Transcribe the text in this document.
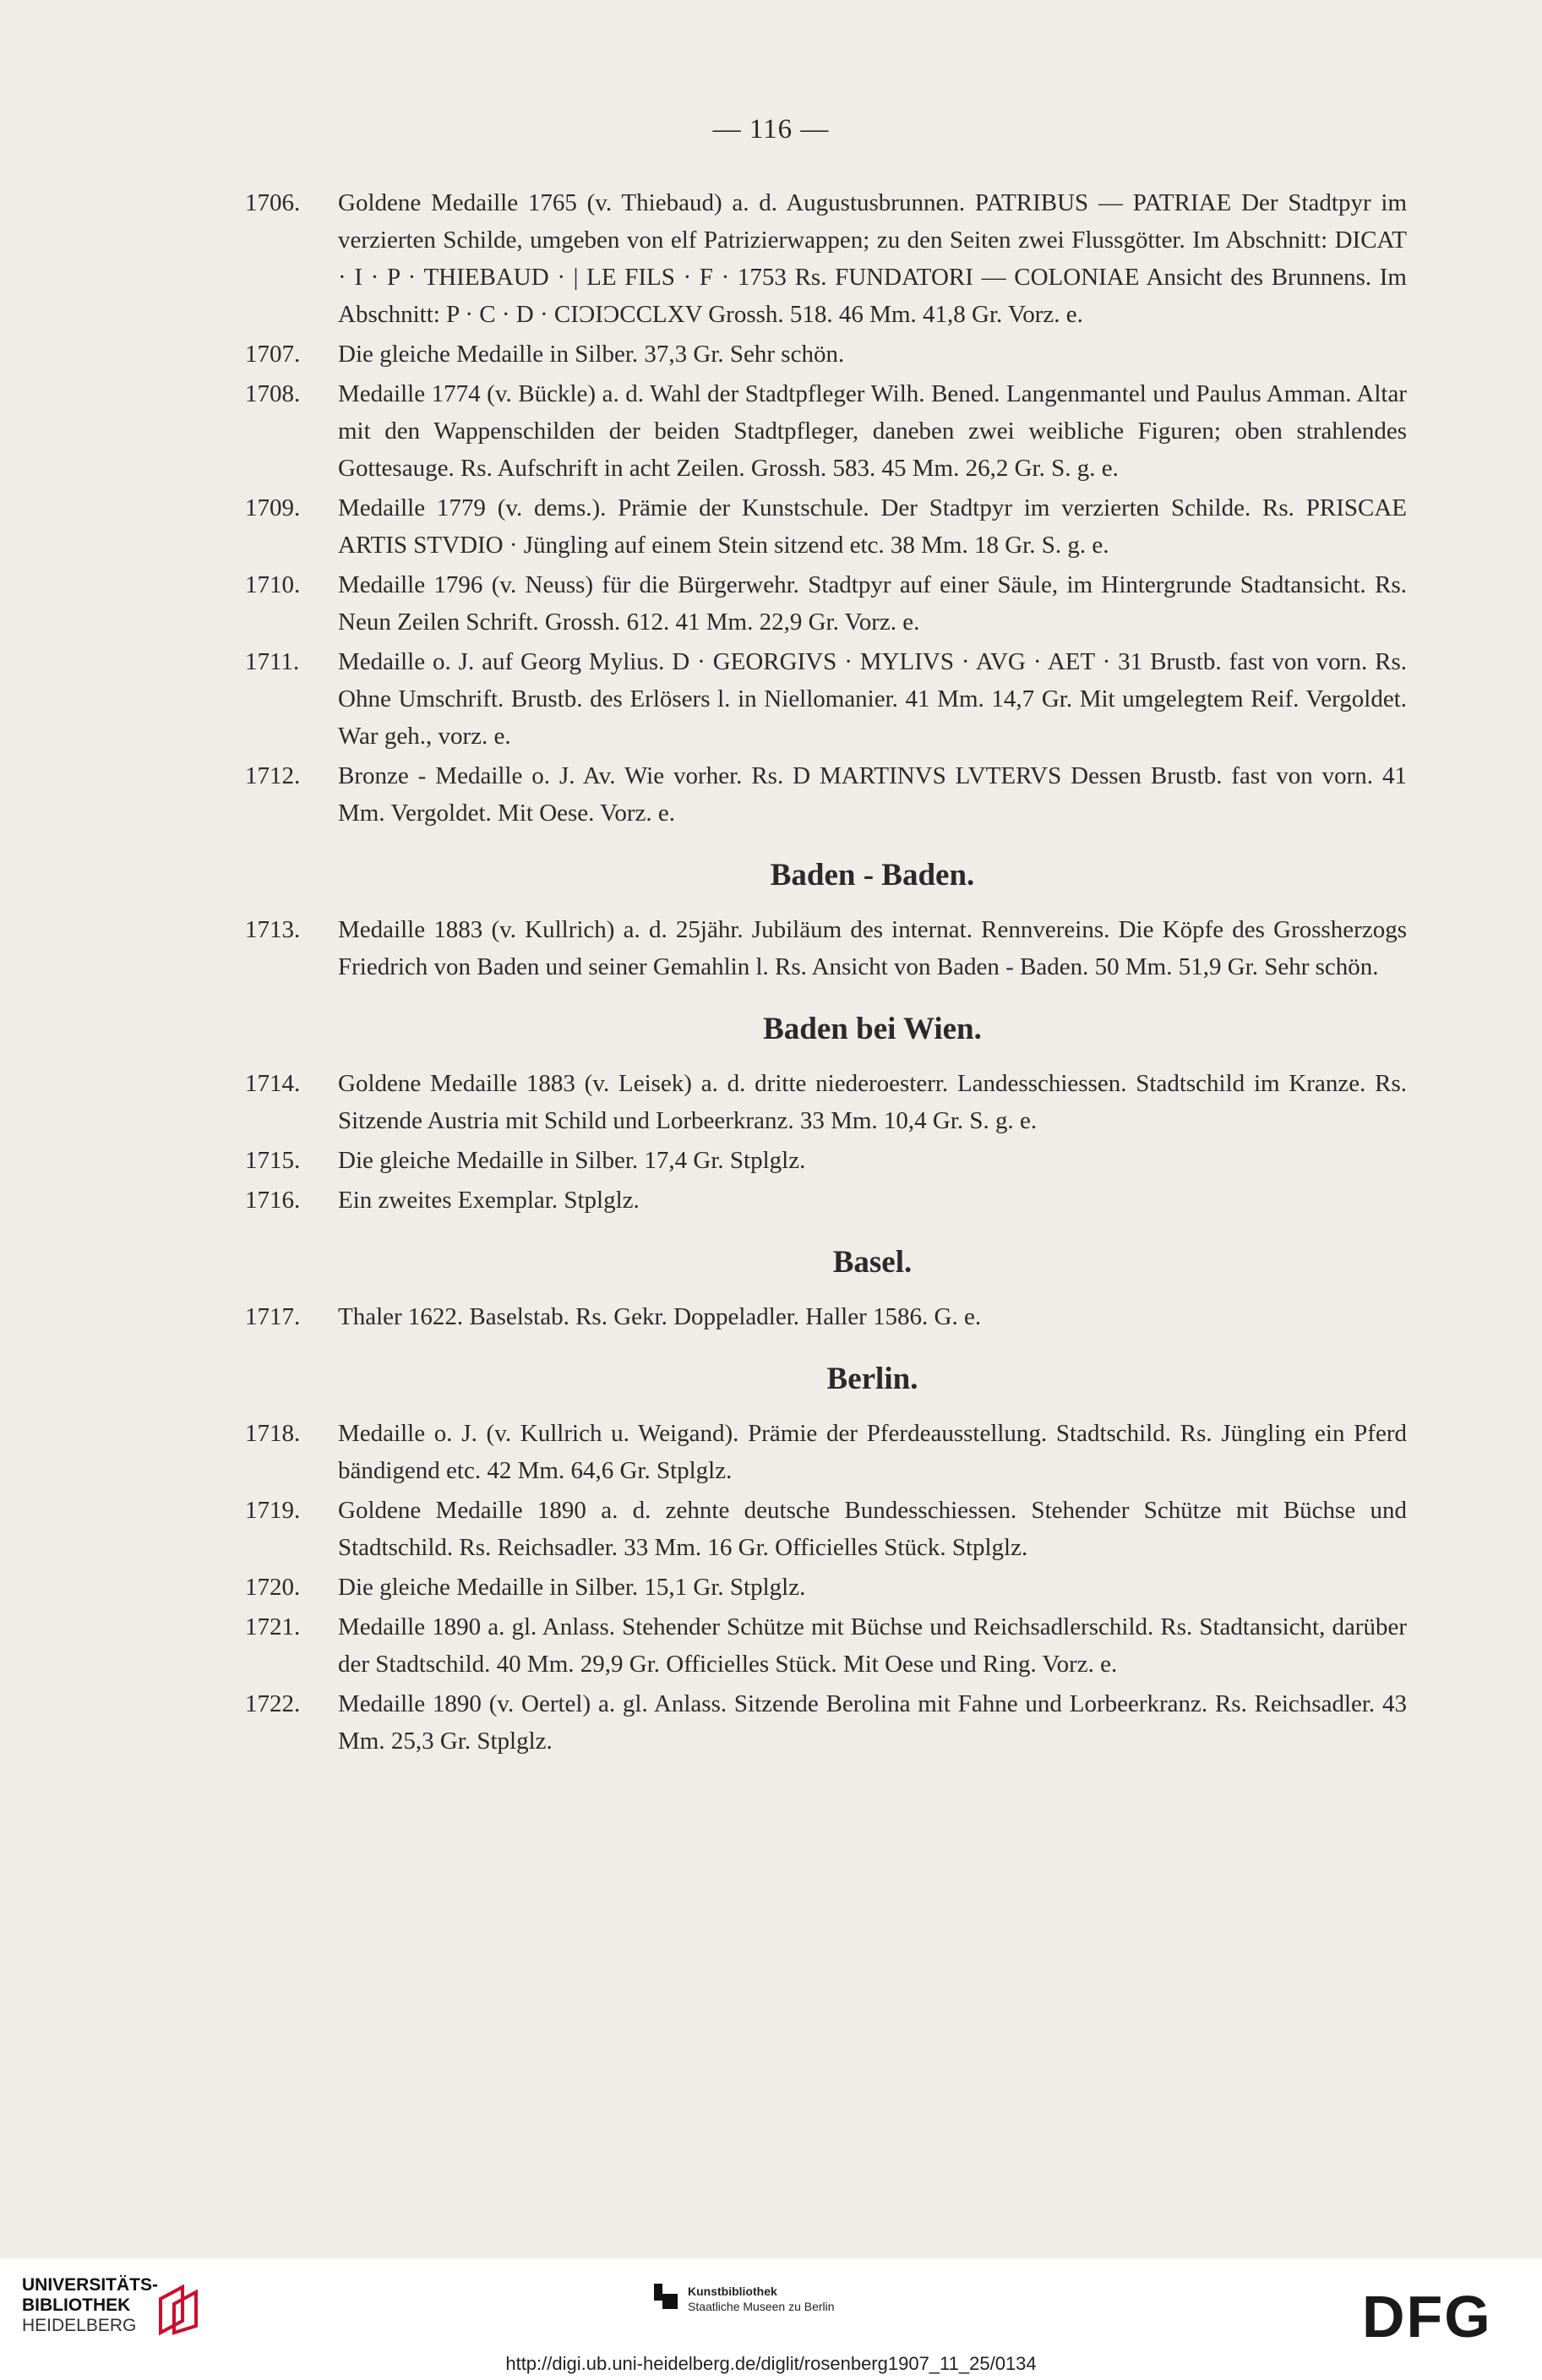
— 116 —
1706. Goldene Medaille 1765 (v. Thiebaud) a. d. Augustusbrunnen. PATRIBUS — PATRIAE Der Stadtpyr im verzierten Schilde, umgeben von elf Patrizierwappen; zu den Seiten zwei Flussgötter. Im Abschnitt: DICAT · I · P · THIEBAUD · | LE FILS · F · 1753 Rs. FUNDATORI — COLONIAE Ansicht des Brunnens. Im Abschnitt: P · C · D · CIƆIƆCCLXV Grossh. 518. 46 Mm. 41,8 Gr. Vorz. e.
1707. Die gleiche Medaille in Silber. 37,3 Gr. Sehr schön.
1708. Medaille 1774 (v. Bückle) a. d. Wahl der Stadtpfleger Wilh. Bened. Langenmantel und Paulus Amman. Altar mit den Wappenschilden der beiden Stadtpfleger, daneben zwei weibliche Figuren; oben strahlendes Gottesauge. Rs. Aufschrift in acht Zeilen. Grossh. 583. 45 Mm. 26,2 Gr. S. g. e.
1709. Medaille 1779 (v. dems.). Prämie der Kunstschule. Der Stadtpyr im verzierten Schilde. Rs. PRISCAE ARTIS STVDIO · Jüngling auf einem Stein sitzend etc. 38 Mm. 18 Gr. S. g. e.
1710. Medaille 1796 (v. Neuss) für die Bürgerwehr. Stadtpyr auf einer Säule, im Hintergrunde Stadtansicht. Rs. Neun Zeilen Schrift. Grossh. 612. 41 Mm. 22,9 Gr. Vorz. e.
1711. Medaille o. J. auf Georg Mylius. D · GEORGIVS · MYLIVS · AVG · AET · 31 Brustb. fast von vorn. Rs. Ohne Umschrift. Brustb. des Erlösers l. in Niellomanier. 41 Mm. 14,7 Gr. Mit umgelegtem Reif. Vergoldet. War geh., vorz. e.
1712. Bronze - Medaille o. J. Av. Wie vorher. Rs. D MARTINVS LVTERVS Dessen Brustb. fast von vorn. 41 Mm. Vergoldet. Mit Oese. Vorz. e.
Baden - Baden.
1713. Medaille 1883 (v. Kullrich) a. d. 25jähr. Jubiläum des internat. Rennvereins. Die Köpfe des Grossherzogs Friedrich von Baden und seiner Gemahlin l. Rs. Ansicht von Baden - Baden. 50 Mm. 51,9 Gr. Sehr schön.
Baden bei Wien.
1714. Goldene Medaille 1883 (v. Leisek) a. d. dritte niederoesterr. Landesschiessen. Stadtschild im Kranze. Rs. Sitzende Austria mit Schild und Lorbeerkranz. 33 Mm. 10,4 Gr. S. g. e.
1715. Die gleiche Medaille in Silber. 17,4 Gr. Stplglz.
1716. Ein zweites Exemplar. Stplglz.
Basel.
1717. Thaler 1622. Baselstab. Rs. Gekr. Doppeladler. Haller 1586. G. e.
Berlin.
1718. Medaille o. J. (v. Kullrich u. Weigand). Prämie der Pferdeausstellung. Stadtschild. Rs. Jüngling ein Pferd bändigend etc. 42 Mm. 64,6 Gr. Stplglz.
1719. Goldene Medaille 1890 a. d. zehnte deutsche Bundesschiessen. Stehender Schütze mit Büchse und Stadtschild. Rs. Reichsadler. 33 Mm. 16 Gr. Officielles Stück. Stplglz.
1720. Die gleiche Medaille in Silber. 15,1 Gr. Stplglz.
1721. Medaille 1890 a. gl. Anlass. Stehender Schütze mit Büchse und Reichsadlerschild. Rs. Stadtansicht, darüber der Stadtschild. 40 Mm. 29,9 Gr. Officielles Stück. Mit Oese und Ring. Vorz. e.
1722. Medaille 1890 (v. Oertel) a. gl. Anlass. Sitzende Berolina mit Fahne und Lorbeerkranz. Rs. Reichsadler. 43 Mm. 25,3 Gr. Stplglz.
UNIVERSITÄTS-
BIBLIOTHEK
HEIDELBERG
Kunstbibliothek
Staatliche Museen zu Berlin	DFG
http://digi.ub.uni-heidelberg.de/diglit/rosenberg1907_11_25/0134
